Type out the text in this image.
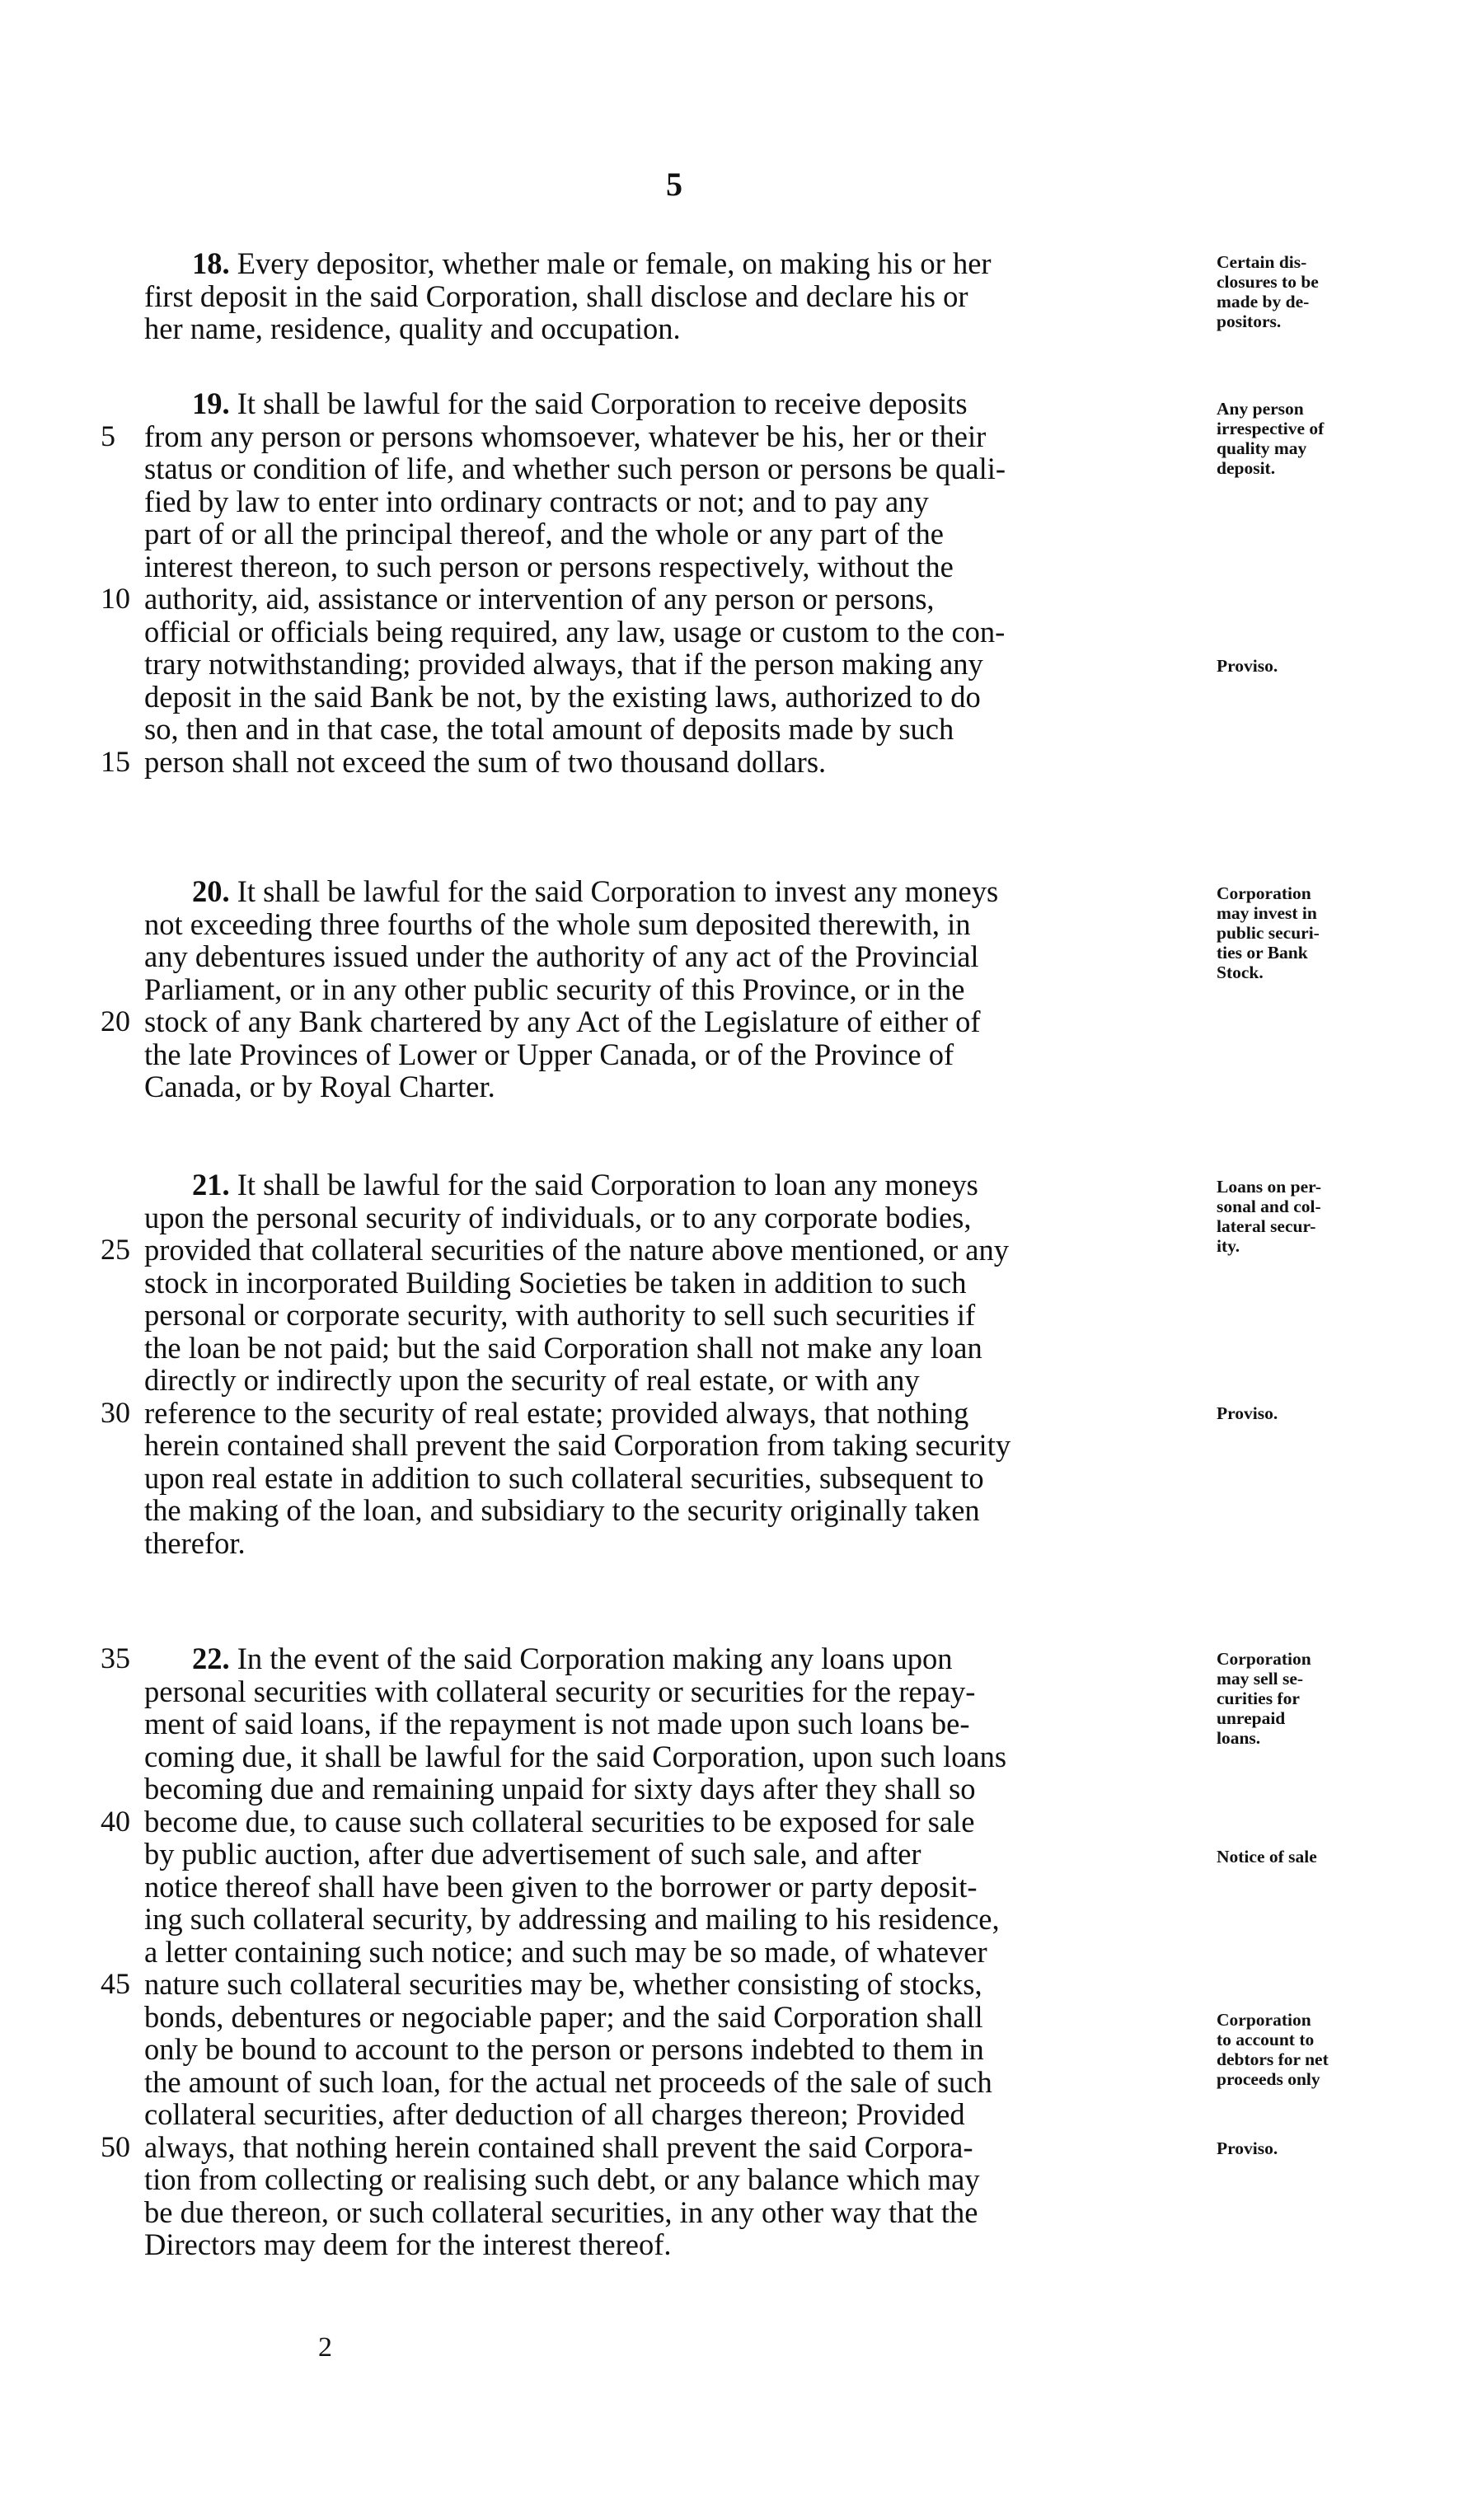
5
18. Every depositor, whether male or female, on making his or her
first deposit in the said Corporation, shall disclose and declare his or
her name, residence, quality and occupation.
Certain dis-
closures to be
made by de-
positors.
19. It shall be lawful for the said Corporation to receive deposits
from any person or persons whomsoever, whatever be his, her or their
status or condition of life, and whether such person or persons be quali-
fied by law to enter into ordinary contracts or not; and to pay any
part of or all the principal thereof, and the whole or any part of the
interest thereon, to such person or persons respectively, without the
authority, aid, assistance or intervention of any person or persons,
official or officials being required, any law, usage or custom to the con-
trary notwithstanding; provided always, that if the person making any
deposit in the said Bank be not, by the existing laws, authorized to do
so, then and in that case, the total amount of deposits made by such
person shall not exceed the sum of two thousand dollars.
5
10
15
Any person
irrespective of
quality may
deposit.
Proviso.
20. It shall be lawful for the said Corporation to invest any moneys
not exceeding three fourths of the whole sum deposited therewith, in
any debentures issued under the authority of any act of the Provincial
Parliament, or in any other public security of this Province, or in the
stock of any Bank chartered by any Act of the Legislature of either of
the late Provinces of Lower or Upper Canada, or of the Province of
Canada, or by Royal Charter.
20
Corporation
may invest in
public securi-
ties or Bank
Stock.
21. It shall be lawful for the said Corporation to loan any moneys
upon the personal security of individuals, or to any corporate bodies,
provided that collateral securities of the nature above mentioned, or any
stock in incorporated Building Societies be taken in addition to such
personal or corporate security, with authority to sell such securities if
the loan be not paid; but the said Corporation shall not make any loan
directly or indirectly upon the security of real estate, or with any
reference to the security of real estate; provided always, that nothing
herein contained shall prevent the said Corporation from taking security
upon real estate in addition to such collateral securities, subsequent to
the making of the loan, and subsidiary to the security originally taken
therefor.
25
30
Loans on per-
sonal and col-
lateral secur-
ity.
Proviso.
22. In the event of the said Corporation making any loans upon
personal securities with collateral security or securities for the repay-
ment of said loans, if the repayment is not made upon such loans be-
coming due, it shall be lawful for the said Corporation, upon such loans
becoming due and remaining unpaid for sixty days after they shall so
become due, to cause such collateral securities to be exposed for sale
by public auction, after due advertisement of such sale, and after
notice thereof shall have been given to the borrower or party deposit-
ing such collateral security, by addressing and mailing to his residence,
a letter containing such notice; and such may be so made, of whatever
nature such collateral securities may be, whether consisting of stocks,
bonds, debentures or negociable paper; and the said Corporation shall
only be bound to account to the person or persons indebted to them in
the amount of such loan, for the actual net proceeds of the sale of such
collateral securities, after deduction of all charges thereon; Provided
always, that nothing herein contained shall prevent the said Corpora-
tion from collecting or realising such debt, or any balance which may
be due thereon, or such collateral securities, in any other way that the
Directors may deem for the interest thereof.
35
40
45
50
Corporation
may sell se-
curities for
unrepaid
loans.
Notice of sale
Corporation
to account to
debtors for net
proceeds only
Proviso.
2
